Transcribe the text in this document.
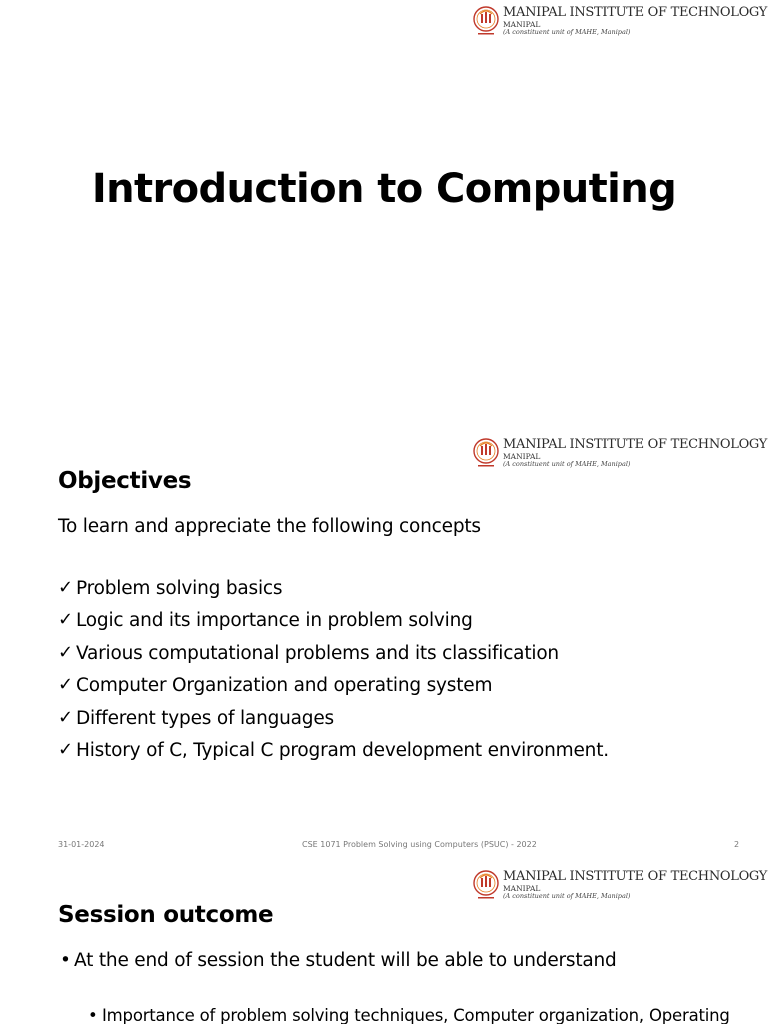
MANIPAL INSTITUTE OF TECHNOLOGY
MANIPAL
(A constituent unit of MAHE, Manipal)
Introduction to Computing
MANIPAL INSTITUTE OF TECHNOLOGY
MANIPAL
(A constituent unit of MAHE, Manipal)
Objectives

To learn and appreciate the following concepts

✓ Problem solving basics
✓ Logic and its importance in problem solving
✓ Various computational problems and its classification
✓ Computer Organization and operating system
✓ Different types of languages
✓ History of C, Typical C program development environment.
31-01-2024	CSE 1071 Problem Solving using Computers (PSUC) - 2022	2
MANIPAL INSTITUTE OF TECHNOLOGY
MANIPAL
(A constituent unit of MAHE, Manipal)
Session outcome

• At the end of session the student will be able to understand

• Importance of problem solving techniques, Computer organization, Operating
